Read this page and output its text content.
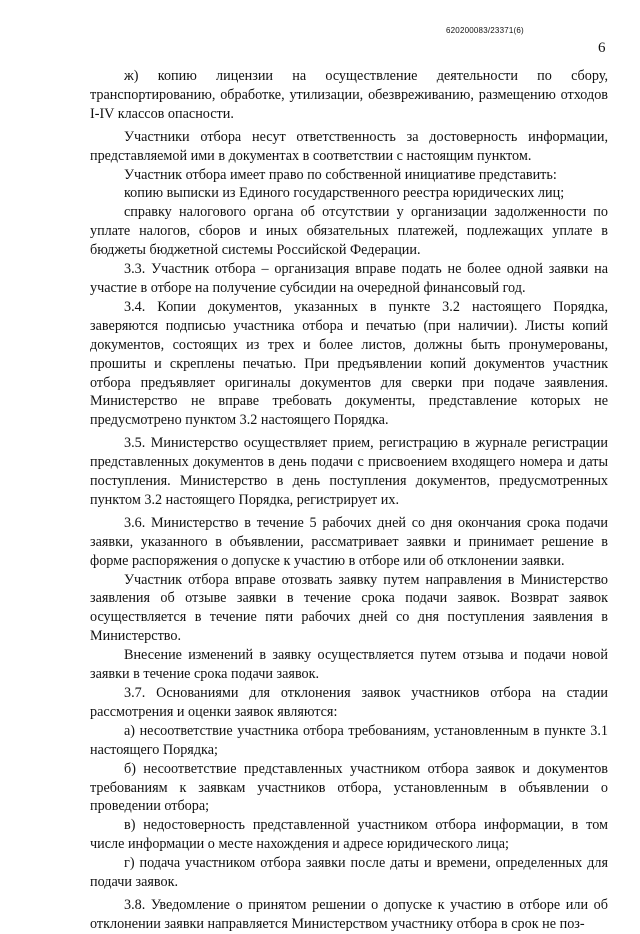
620200083/23371(6)
6

ж) копию лицензии на осуществление деятельности по сбору, транспортированию, обработке, утилизации, обезвреживанию, размещению отходов I-IV классов опасности.

Участники отбора несут ответственность за достоверность информации, представляемой ими в документах в соответствии с настоящим пунктом.

Участник отбора имеет право по собственной инициативе представить:

копию выписки из Единого государственного реестра юридических лиц;

справку налогового органа об отсутствии у организации задолженности по уплате налогов, сборов и иных обязательных платежей, подлежащих уплате в бюджеты бюджетной системы Российской Федерации.

3.3. Участник отбора – организация вправе подать не более одной заявки на участие в отборе на получение субсидии на очередной финансовый год.

3.4. Копии документов, указанных в пункте 3.2 настоящего Порядка, заверяются подписью участника отбора и печатью (при наличии). Листы копий документов, состоящих из трех и более листов, должны быть пронумерованы, прошиты и скреплены печатью. При предъявлении копий документов участник отбора предъявляет оригиналы документов для сверки при подаче заявления. Министерство не вправе требовать документы, представление которых не предусмотрено пунктом 3.2 настоящего Порядка.

3.5. Министерство осуществляет прием, регистрацию в журнале регистрации представленных документов в день подачи с присвоением входящего номера и даты поступления. Министерство в день поступления документов, предусмотренных пунктом 3.2 настоящего Порядка, регистрирует их.

3.6. Министерство в течение 5 рабочих дней со дня окончания срока подачи заявки, указанного в объявлении, рассматривает заявки и принимает решение в форме распоряжения о допуске к участию в отборе или об отклонении заявки.

Участник отбора вправе отозвать заявку путем направления в Министерство заявления об отзыве заявки в течение срока подачи заявок. Возврат заявок осуществляется в течение пяти рабочих дней со дня поступления заявления в Министерство.

Внесение изменений в заявку осуществляется путем отзыва и подачи новой заявки в течение срока подачи заявок.

3.7. Основаниями для отклонения заявок участников отбора на стадии рассмотрения и оценки заявок являются:

а) несоответствие участника отбора требованиям, установленным в пункте 3.1 настоящего Порядка;

б) несоответствие представленных участником отбора заявок и документов требованиям к заявкам участников отбора, установленным в объявлении о проведении отбора;

в) недостоверность представленной участником отбора информации, в том числе информации о месте нахождения и адресе юридического лица;

г) подача участником отбора заявки после даты и времени, определенных для подачи заявок.

3.8. Уведомление о принятом решении о допуске к участию в отборе или об отклонении заявки направляется Министерством участнику отбора в срок не поз-
